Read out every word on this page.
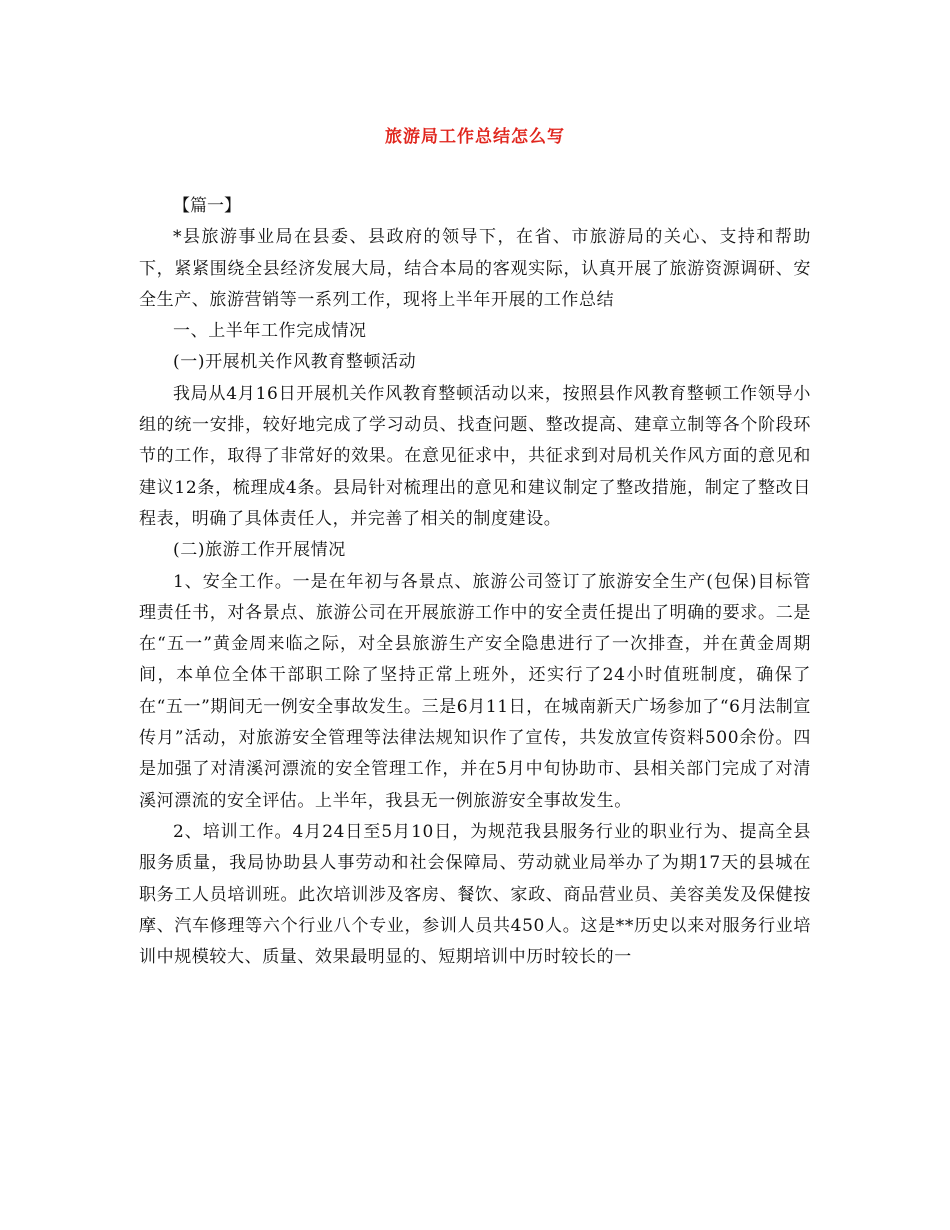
旅游局工作总结怎么写

【篇一】

*县旅游事业局在县委、县政府的领导下，在省、市旅游局的关心、支持和帮助下，紧紧围绕全县经济发展大局，结合本局的客观实际，认真开展了旅游资源调研、安全生产、旅游营销等一系列工作，现将上半年开展的工作总结

一、上半年工作完成情况

(一)开展机关作风教育整顿活动

我局从4月16日开展机关作风教育整顿活动以来，按照县作风教育整顿工作领导小组的统一安排，较好地完成了学习动员、找查问题、整改提高、建章立制等各个阶段环节的工作，取得了非常好的效果。在意见征求中，共征求到对局机关作风方面的意见和建议12条，梳理成4条。县局针对梳理出的意见和建议制定了整改措施，制定了整改日程表，明确了具体责任人，并完善了相关的制度建设。

(二)旅游工作开展情况

1、安全工作。一是在年初与各景点、旅游公司签订了旅游安全生产(包保)目标管理责任书，对各景点、旅游公司在开展旅游工作中的安全责任提出了明确的要求。二是在“五一”黄金周来临之际，对全县旅游生产安全隐患进行了一次排查，并在黄金周期间，本单位全体干部职工除了坚持正常上班外，还实行了24小时值班制度，确保了在“五一”期间无一例安全事故发生。三是6月11日，在城南新天广场参加了“6月法制宣传月”活动，对旅游安全管理等法律法规知识作了宣传，共发放宣传资料500余份。四是加强了对清溪河漂流的安全管理工作，并在5月中旬协助市、县相关部门完成了对清溪河漂流的安全评估。上半年，我县无一例旅游安全事故发生。

2、培训工作。4月24日至5月10日，为规范我县服务行业的职业行为、提高全县服务质量，我局协助县人事劳动和社会保障局、劳动就业局举办了为期17天的县城在职务工人员培训班。此次培训涉及客房、餐饮、家政、商品营业员、美容美发及保健按摩、汽车修理等六个行业八个专业，参训人员共450人。这是**历史以来对服务行业培训中规模较大、质量、效果最明显的、短期培训中历时较长的一
